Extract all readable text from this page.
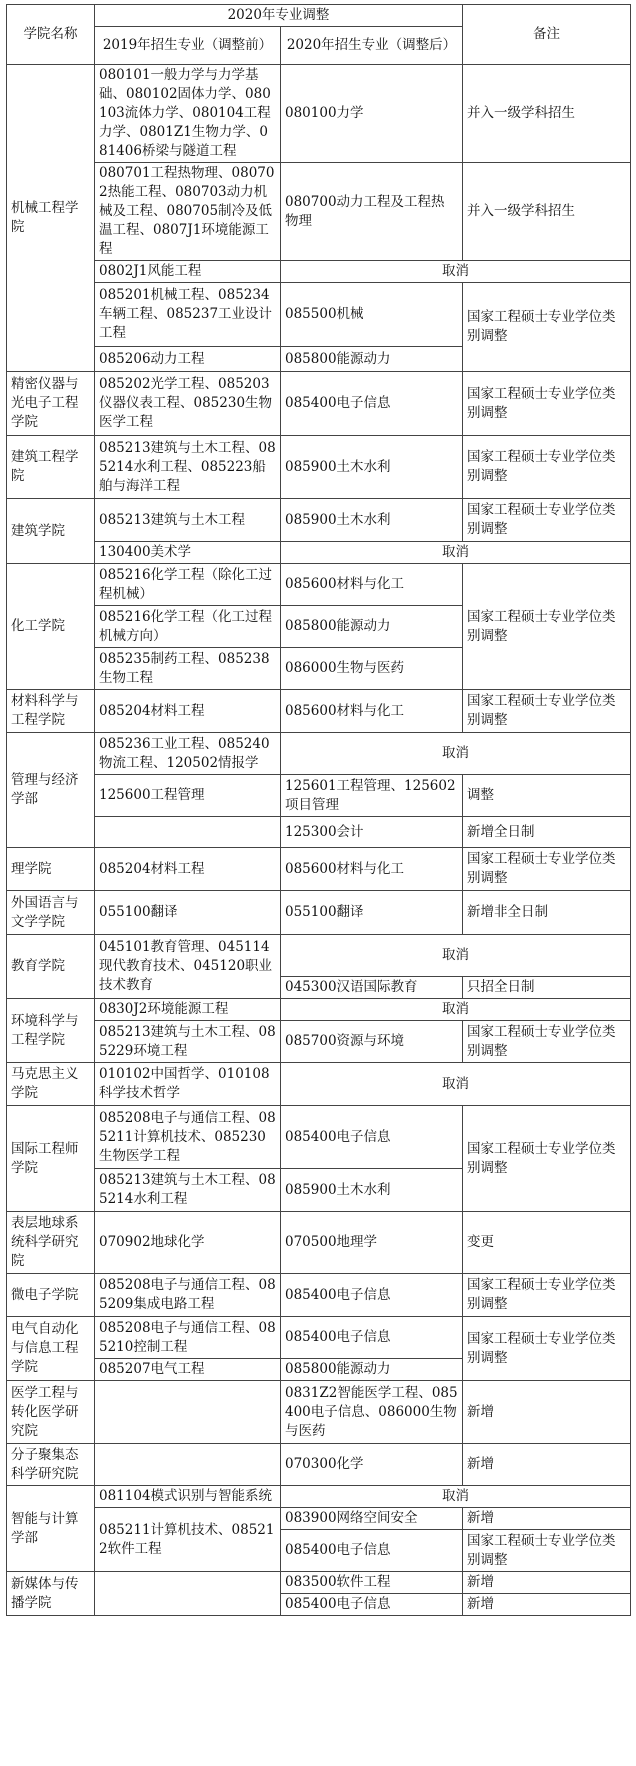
学院名称	2020年专业调整		备注
	2019年招生专业（调整前）	2020年招生专业（调整后）	
机械工程学院	080101一般力学与力学基础、080102固体力学、080103流体力学、080104工程力学、0801Z1生物力学、081406桥梁与隧道工程	080100力学	并入一级学科招生
	080701工程热物理、080702热能工程、080703动力机械及工程、080705制冷及低温工程、0807J1环境能源工程	080700动力工程及工程热物理	并入一级学科招生
	0802J1风能工程	取消	
	085201机械工程、085234车辆工程、085237工业设计工程	085500机械	国家工程硕士专业学位类别调整
	085206动力工程	085800能源动力	
精密仪器与光电子工程学院	085202光学工程、085203仪器仪表工程、085230生物医学工程	085400电子信息	国家工程硕士专业学位类别调整
建筑工程学院	085213建筑与土木工程、085214水利工程、085223船舶与海洋工程	085900土木水利	国家工程硕士专业学位类别调整
建筑学院	085213建筑与土木工程	085900土木水利	国家工程硕士专业学位类别调整
	130400美术学	取消	
化工学院	085216化学工程（除化工过程机械）	085600材料与化工	国家工程硕士专业学位类别调整
	085216化学工程（化工过程机械方向）	085800能源动力	
	085235制药工程、085238生物工程	086000生物与医药	
材料科学与工程学院	085204材料工程	085600材料与化工	国家工程硕士专业学位类别调整
管理与经济学部	085236工业工程、085240物流工程、120502情报学	取消	
	125600工程管理	125601工程管理、125602项目管理	调整
		125300会计	新增全日制
理学院	085204材料工程	085600材料与化工	国家工程硕士专业学位类别调整
外国语言与文学学院	055100翻译	055100翻译	新增非全日制
教育学院	045101教育管理、045114现代教育技术、045120职业技术教育	取消	
		045300汉语国际教育	只招全日制
环境科学与工程学院	0830J2环境能源工程	取消	
	085213建筑与土木工程、085229环境工程	085700资源与环境	国家工程硕士专业学位类别调整
马克思主义学院	010102中国哲学、010108科学技术哲学	取消	
国际工程师学院	085208电子与通信工程、085211计算机技术、085230生物医学工程	085400电子信息	国家工程硕士专业学位类别调整
	085213建筑与土木工程、085214水利工程	085900土木水利	
表层地球系统科学研究院	070902地球化学	070500地理学	变更
微电子学院	085208电子与通信工程、085209集成电路工程	085400电子信息	国家工程硕士专业学位类别调整
电气自动化与信息工程学院	085208电子与通信工程、085210控制工程	085400电子信息	国家工程硕士专业学位类别调整
	085207电气工程	085800能源动力	
医学工程与转化医学研究院		0831Z2智能医学工程、085400电子信息、086000生物与医药	新增
分子聚集态科学研究院		070300化学	新增
智能与计算学部	081104模式识别与智能系统	取消	
	085211计算机技术、085212软件工程	083900网络空间安全	新增
		085400电子信息	国家工程硕士专业学位类别调整
新媒体与传播学院		083500软件工程	新增
		085400电子信息	新增
